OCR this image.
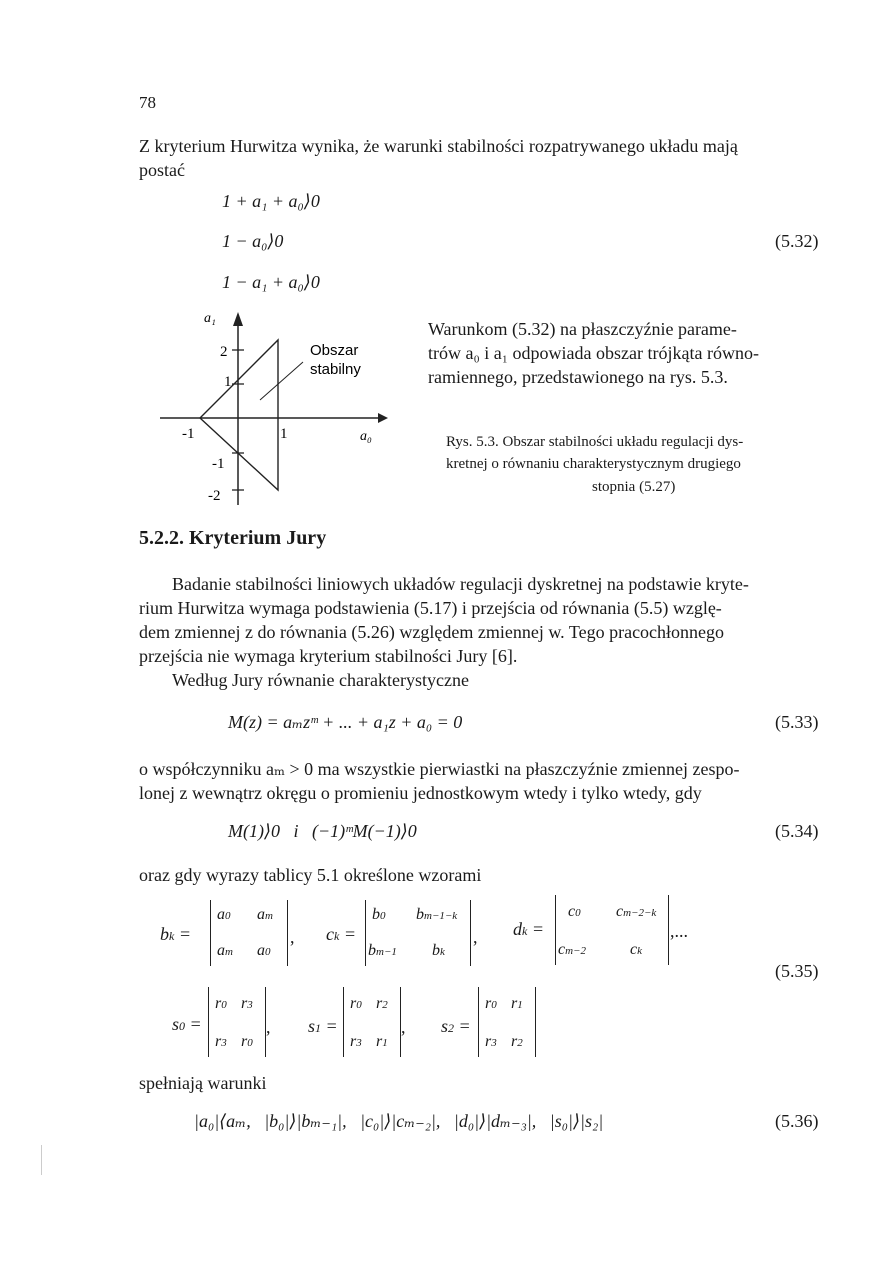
78
Z kryterium Hurwitza wynika, że warunki stabilności rozpatrywanego układu mają
postać
1 + a₁ + a₀⟩0
1 − a₀⟩0
1 − a₁ + a₀⟩0
(5.32)
a₁
a₀
2
1
-1
-2
-1	1
Obszar
stabilny
Warunkom (5.32) na płaszczyźnie parame-
trów a₀ i a₁ odpowiada obszar trójkąta równo-
ramiennego, przedstawionego na rys. 5.3.
Rys. 5.3. Obszar stabilności układu regulacji dys-
kretnej o równaniu charakterystycznym drugiego
stopnia (5.27)
5.2.2. Kryterium Jury
Badanie stabilności liniowych układów regulacji dyskretnej na podstawie kryte-
rium Hurwitza wymaga podstawienia (5.17) i przejścia od równania (5.5) wzglę-
dem zmiennej z do równania (5.26) względem zmiennej w. Tego pracochłonnego
przejścia nie wymaga kryterium stabilności Jury [6].
Według Jury równanie charakterystyczne
M(z) = aₘzᵐ + ... + a₁z + a₀ = 0	(5.33)
o współczynniku aₘ > 0 ma wszystkie pierwiastki na płaszczyźnie zmiennej zespo-
lonej z wewnątrz okręgu o promieniu jednostkowym wtedy i tylko wtedy, gdy
M(1)⟩0   i   (−1)ᵐM(−1)⟩0	(5.34)
oraz gdy wyrazy tablicy 5.1 określone wzorami
bk =
a0 am
am a0
, ck =
b0 bm−1−k
bm−1 bk
, dk =
c0 cm−2−k
cm−2	ck
,...
(5.35)
s0 =
r0 r3
r3 r0
, s1 =
r0 r2
r3 r1
, s2 =
r0 r1
r3 r2
spełniają warunki
|a₀|⟨aₘ,   |b₀|⟩|bₘ₋₁|,   |c₀|⟩|cₘ₋₂|,   |d₀|⟩|dₘ₋₃|,   |s₀|⟩|s₂|	(5.36)
